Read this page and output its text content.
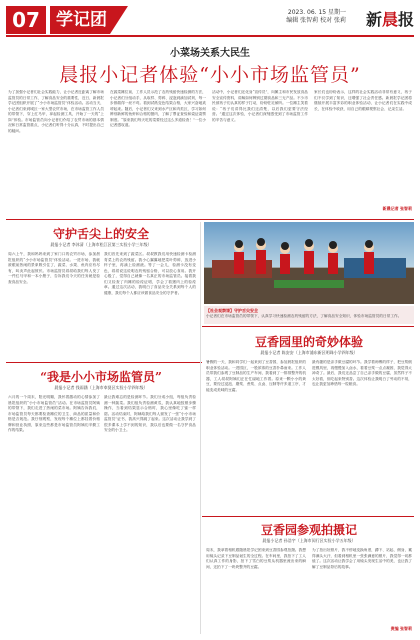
07 学记团	2023. 06. 15 星期一
编辑 张智莉 校对 张莉	新晨报
小菜场关系大民生
晨报小记者体验“小小市场监管员”
为了加强小记者们社会实践能力，让小记者近距离了解市场监管员的日常工作，了解食品安全的重要性，近日，新晨报学记团组织开展了“小小市场监管员”体验活动。活动当天，小记者们来到城区一家大型农贸市场，在市场监管工作人员的带领下，穿上红马甲，拿起检测工具，开始了一天的“上岗”体验。市场监管员向小记者们介绍了农贸市场的基本情况和日常监管重点，小记者们听得十分认真，不时提出自己的疑问。
在蔬菜摊位前，工作人员示范了农药残留快速检测的方法，小记者们分组动手，从取样、剪碎、浸泡到滴加试剂，每一步都做得一丝不苟。看到试纸变色结果合格，大家兴奋地欢呼起来。随后，小记者们又来到水产区和肉类区，学习如何辨别新鲜的鱼虾和合格的猪肉，了解了票证查验和索证索票制度。“原来我们每天吃的菜要经过这么多道检查！”一位小记者感叹道。
活动中，小记者们还化身“宣传员”，向摊主和市民发放食品安全宣传资料，讲解如何辨别过期食品和三无产品。不少市民被孩子们认真的样子打动，纷纷驻足倾听。一位摊主笑着说：“孩子们讲得比我们还清楚，以后我们更要守法经营。”通过这次体验，小记者们深刻感受到了市场监管工作的辛苦与意义。
家长们也纷纷表示，这样的社会实践活动非常有意义，孩子们不仅学到了知识，还增强了社会责任感。新晨报学记团将继续开展丰富多彩的职业体验活动，让小记者们在实践中成长，在体验中收获，用自己的眼睛观察社会、记录生活。
新晨记者 张智莉
守护舌尖上的安全
晨报小记者 李沐清（上海市松江区第三实验小学三年级）
周六上午，我和妈妈来到了家门口的农贸市场，参加晨报组织的“小小市场监管员”体验活动。一进市场，我就被眼前热闹的景象吸引住了，蔬菜、水果、鱼肉应有尽有，叫卖声此起彼伏。市场监管员叔叔给我们每人发了一件红马甲和一本小册子，告诉我们今天的任务就是检查食品安全。
我们首先来到了蔬菜区。叔叔教我们用快速检测卡检测青菜上的农药残留。我小心翼翼地把菜叶剪碎，放进小杯子里，再滴上检测液。等了一会儿，检测卡没有变色，叔叔说这说明农药残留合格，可以放心食用。我开心极了，觉得自己就像一名真正的市场监管员。接着我们又检查了肉摊的检疫证明，学会了看猪肉上的检疫章。通过这次活动，我明白了食品安全关系到每个人的健康，我们每个人都应该做食品安全的守护者。
【社会观察课】守护舌尖安全
小记者们在市场监管员的带领下，认真学习快速检测农药残留的方法，了解食品安全知识，体验市场监管员的日常工作。
“我是小小市场监管员”
晨报小记者 钱雨涵（上海市奉贤区实验小学四年级）
六月的一个周末，阳光明媚，我怀着激动的心情参加了晨报组织的“小小市场监管员”活动。在市场监管员阿姨的带领下，我们走进了热闹的菜市场。阿姨告诉我们，市场监管员每天都要检查摊位的卫生、商品的质量和价格是否规范。我仔细观察，发现每个摊位上都挂着价格牌和营业执照，原来这些都是市场监管员阿姨们辛勤工作的结果。
最让我难忘的是检测环节。我们分成小组，每组负责检测一种蔬菜。我们组负责检测黄瓜，我认真地按照步骤操作，当看到结果显示合格时，我心里像吃了蜜一样甜。活动结束时，阿姨给我们每人颁发了一张“小小市场监管员”证书，我高兴得跳了起来。这次活动让我学到了很多课本上学不到的知识，我以后也要做一名守护食品安全的小卫士。
豆香园里的奇妙体验
晨报小记者 陈安安（上海市浦东新区明珠小学四年级）
暑假的一天，我和同学们一起来到了豆香园，参加晨报组织的职业体验活动。一进园区，一股浓浓的豆香扑鼻而来。工作人员带我们参观了豆制品的生产车间，我看到了一排排整齐的机器，工人叔叔阿姨们正在忙碌地工作着。原来一颗小小的黄豆，要经过浸泡、磨浆、煮浆、点卤、压制等许多道工序，才能变成美味的豆腐。
最有趣的是亲手做豆腐的环节。我学着师傅的样子，把豆浆倒进模具里，再慢慢加入卤水，看着豆浆一点点凝固，我觉得太神奇了。最后，我们还品尝了自己亲手做的豆腐，虽然样子不太好看，但吃起来特别香。这次体验让我明白了劳动的不易，也让我更加珍惜每一粒粮食。
豆香园参观拍摄记
晨报小记者 孙浩宇（上海市闵行区实验小学五年级）
周末，我拿着相机跟随晨报学记团来到豆香园参观拍摄。我想用镜头记录下豆制品诞生的全过程。在车间里，我拍下了工人们认真工作的身影，拍下了雪白的豆浆从机器里流出来的瞬间，还拍下了一块块整齐的豆腐。
为了拍出好照片，我不停地变换角度，蹲下、站起、侧身，累得满头大汗，但看到相机里一张张满意的照片，我觉得一切都值了。这次活动让我学会了用镜头发现生活中的美，也让我了解了豆制品背后的故事。
责编 张智莉
